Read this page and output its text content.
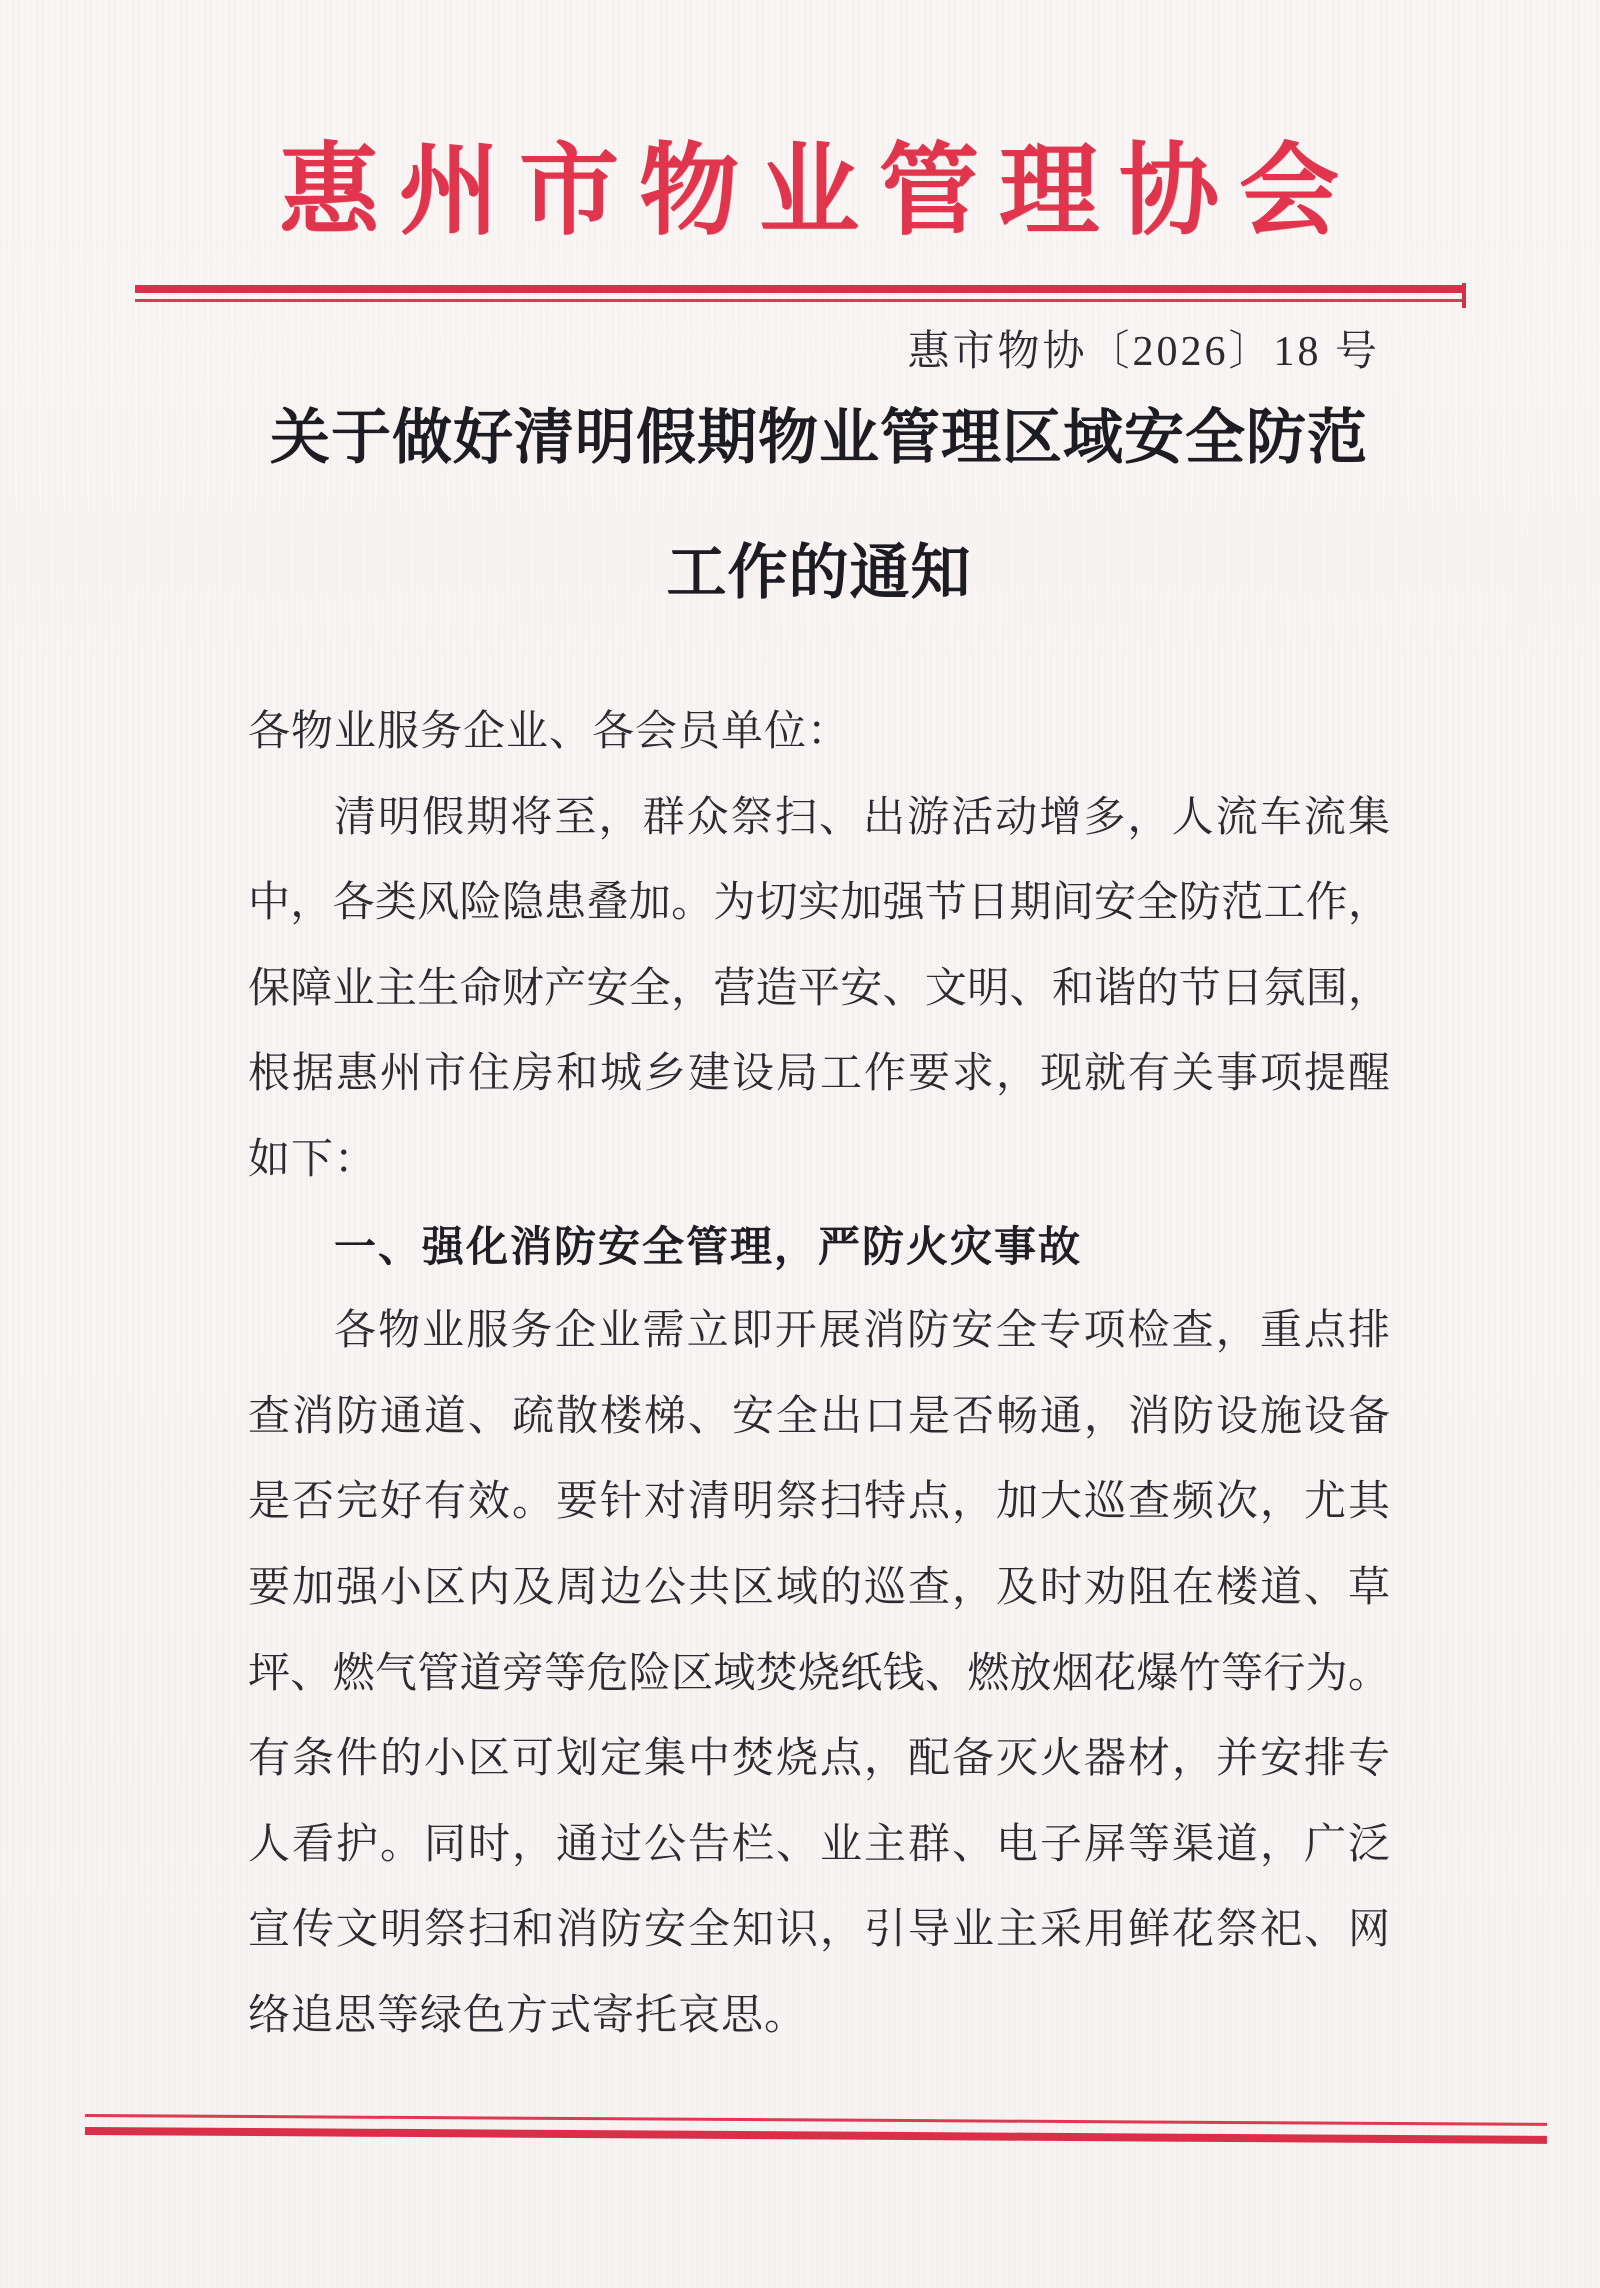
惠州市物业管理协会
惠市物协〔2026〕18 号
关于做好清明假期物业管理区域安全防范
工作的通知
各物业服务企业、各会员单位：
清明假期将至，群众祭扫、出游活动增多，人流车流集
中，各类风险隐患叠加。为切实加强节日期间安全防范工作，
保障业主生命财产安全，营造平安、文明、和谐的节日氛围，
根据惠州市住房和城乡建设局工作要求，现就有关事项提醒
如下：
一、强化消防安全管理，严防火灾事故
各物业服务企业需立即开展消防安全专项检查，重点排
查消防通道、疏散楼梯、安全出口是否畅通，消防设施设备
是否完好有效。要针对清明祭扫特点，加大巡查频次，尤其
要加强小区内及周边公共区域的巡查，及时劝阻在楼道、草
坪、燃气管道旁等危险区域焚烧纸钱、燃放烟花爆竹等行为。
有条件的小区可划定集中焚烧点，配备灭火器材，并安排专
人看护。同时，通过公告栏、业主群、电子屏等渠道，广泛
宣传文明祭扫和消防安全知识，引导业主采用鲜花祭祀、网
络追思等绿色方式寄托哀思。
